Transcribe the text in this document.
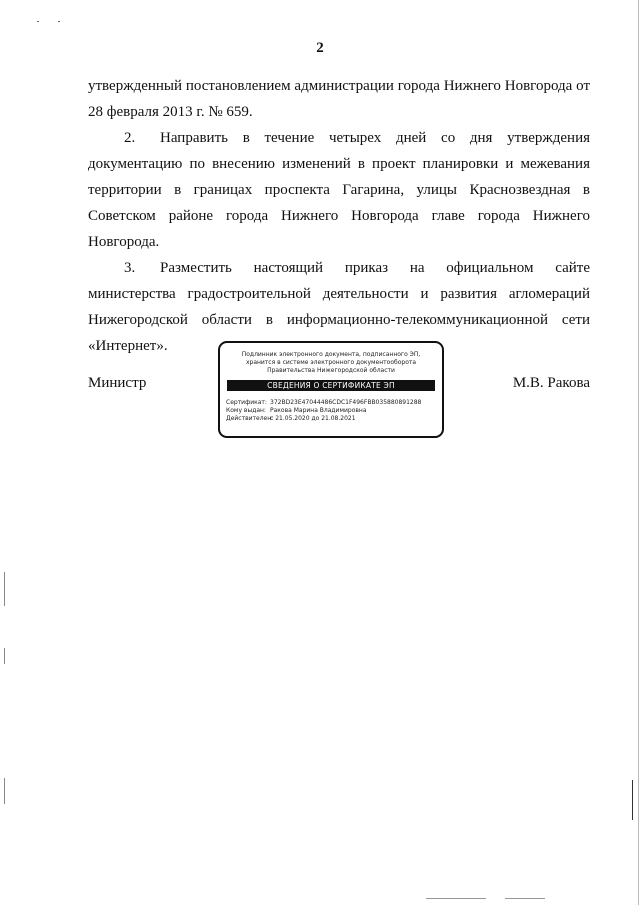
2

утвержденный постановлением администрации города Нижнего Новгорода от 28 февраля 2013 г. № 659.

2. Направить в течение четырех дней со дня утверждения документацию по внесению изменений в проект планировки и межевания территории в границах проспекта Гагарина, улицы Краснозвездная в Советском районе города Нижнего Новгорода главе города Нижнего Новгорода.

3. Разместить настоящий приказ на официальном сайте министерства градостроительной деятельности и развития агломераций Нижегородской области в информационно-телекоммуникационной сети «Интернет».

Министр	М.В. Ракова
Подлинник электронного документа, подписанного ЭП,
хранится в системе электронного документооборота
Правительства Нижегородской области
СВЕДЕНИЯ О СЕРТИФИКАТЕ ЭП
Сертификат: 372BD23E47044486CDC1F496FBB035880891288
Кому выдан: Ракова Марина Владимировна
Действителен:с 21.05.2020 до 21.08.2021
